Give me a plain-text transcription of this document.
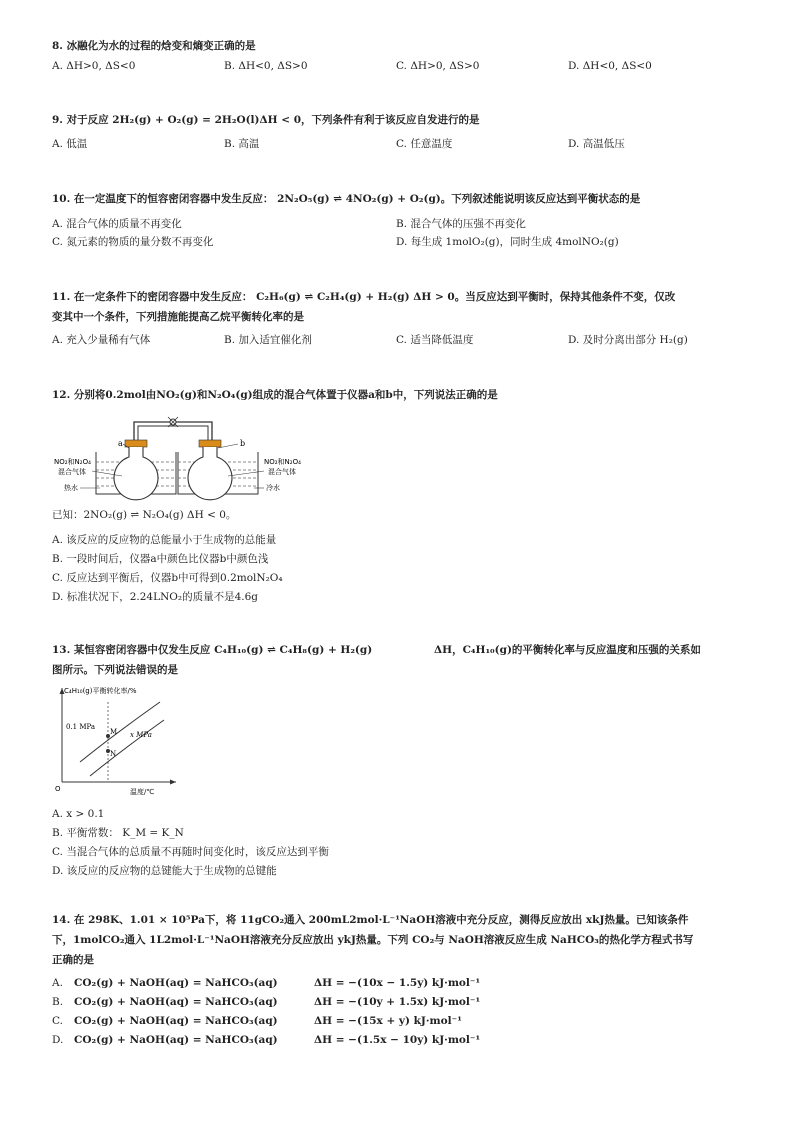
8. 冰融化为水的过程的焓变和熵变正确的是
A. ΔH>0, ΔS<0	B. ΔH<0, ΔS>0	C. ΔH>0, ΔS>0	D. ΔH<0, ΔS<0
9. 对于反应 2H₂(g) + O₂(g) = 2H₂O(l)ΔH < 0，下列条件有利于该反应自发进行的是
A. 低温	B. 高温	C. 任意温度	D. 高温低压
10. 在一定温度下的恒容密闭容器中发生反应： 2N₂O₅(g) ⇌ 4NO₂(g) + O₂(g)。下列叙述能说明该反应达到平衡状态的是
A. 混合气体的质量不再变化	B. 混合气体的压强不再变化
C. 氮元素的物质的量分数不再变化	D. 每生成 1molO₂(g)，同时生成 4molNO₂(g)
11. 在一定条件下的密闭容器中发生反应： C₂H₆(g) ⇌ C₂H₄(g) + H₂(g) ΔH > 0。当反应达到平衡时，保持其他条件不变，仅改
变其中一个条件，下列措施能提高乙烷平衡转化率的是
A. 充入少量稀有气体	B. 加入适宜催化剂	C. 适当降低温度	D. 及时分离出部分 H₂(g)
12. 分别将0.2mol由NO₂(g)和N₂O₄(g)组成的混合气体置于仪器a和b中，下列说法正确的是
a	b
NO₂和N₂O₄
混合气体
热水
NO₂和N₂O₄
混合气体
冷水
已知：2NO₂(g) ⇌ N₂O₄(g) ΔH < 0。
A. 该反应的反应物的总能量小于生成物的总能量
B. 一段时间后，仪器a中颜色比仪器b中颜色浅
C. 反应达到平衡后，仪器b中可得到0.2molN₂O₄
D. 标准状况下，2.24LNO₂的质量不是4.6g
13. 某恒容密闭容器中仅发生反应 C₄H₁₀(g) ⇌ C₄H₈(g) + H₂(g)	ΔH，C₄H₁₀(g)的平衡转化率与反应温度和压强的关系如
图所示。下列说法错误的是
C₄H₁₀(g)平衡转化率/%
温度/℃
O
M
N
0.1 MPa
x MPa
A. x > 0.1
B. 平衡常数： K_M = K_N
C. 当混合气体的总质量不再随时间变化时，该反应达到平衡
D. 该反应的反应物的总键能大于生成物的总键能
14. 在 298K、1.01 × 10⁵Pa下，将 11gCO₂通入 200mL2mol·L⁻¹NaOH溶液中充分反应，测得反应放出 xkJ热量。已知该条件
下，1molCO₂通入 1L2mol·L⁻¹NaOH溶液充分反应放出 ykJ热量。下列 CO₂与 NaOH溶液反应生成 NaHCO₃的热化学方程式书写
正确的是
A. CO₂(g) + NaOH(aq) = NaHCO₃(aq)	ΔH = −(10x − 1.5y) kJ·mol⁻¹
B. CO₂(g) + NaOH(aq) = NaHCO₃(aq)	ΔH = −(10y + 1.5x) kJ·mol⁻¹
C. CO₂(g) + NaOH(aq) = NaHCO₃(aq)	ΔH = −(15x + y) kJ·mol⁻¹
D. CO₂(g) + NaOH(aq) = NaHCO₃(aq)	ΔH = −(1.5x − 10y) kJ·mol⁻¹
